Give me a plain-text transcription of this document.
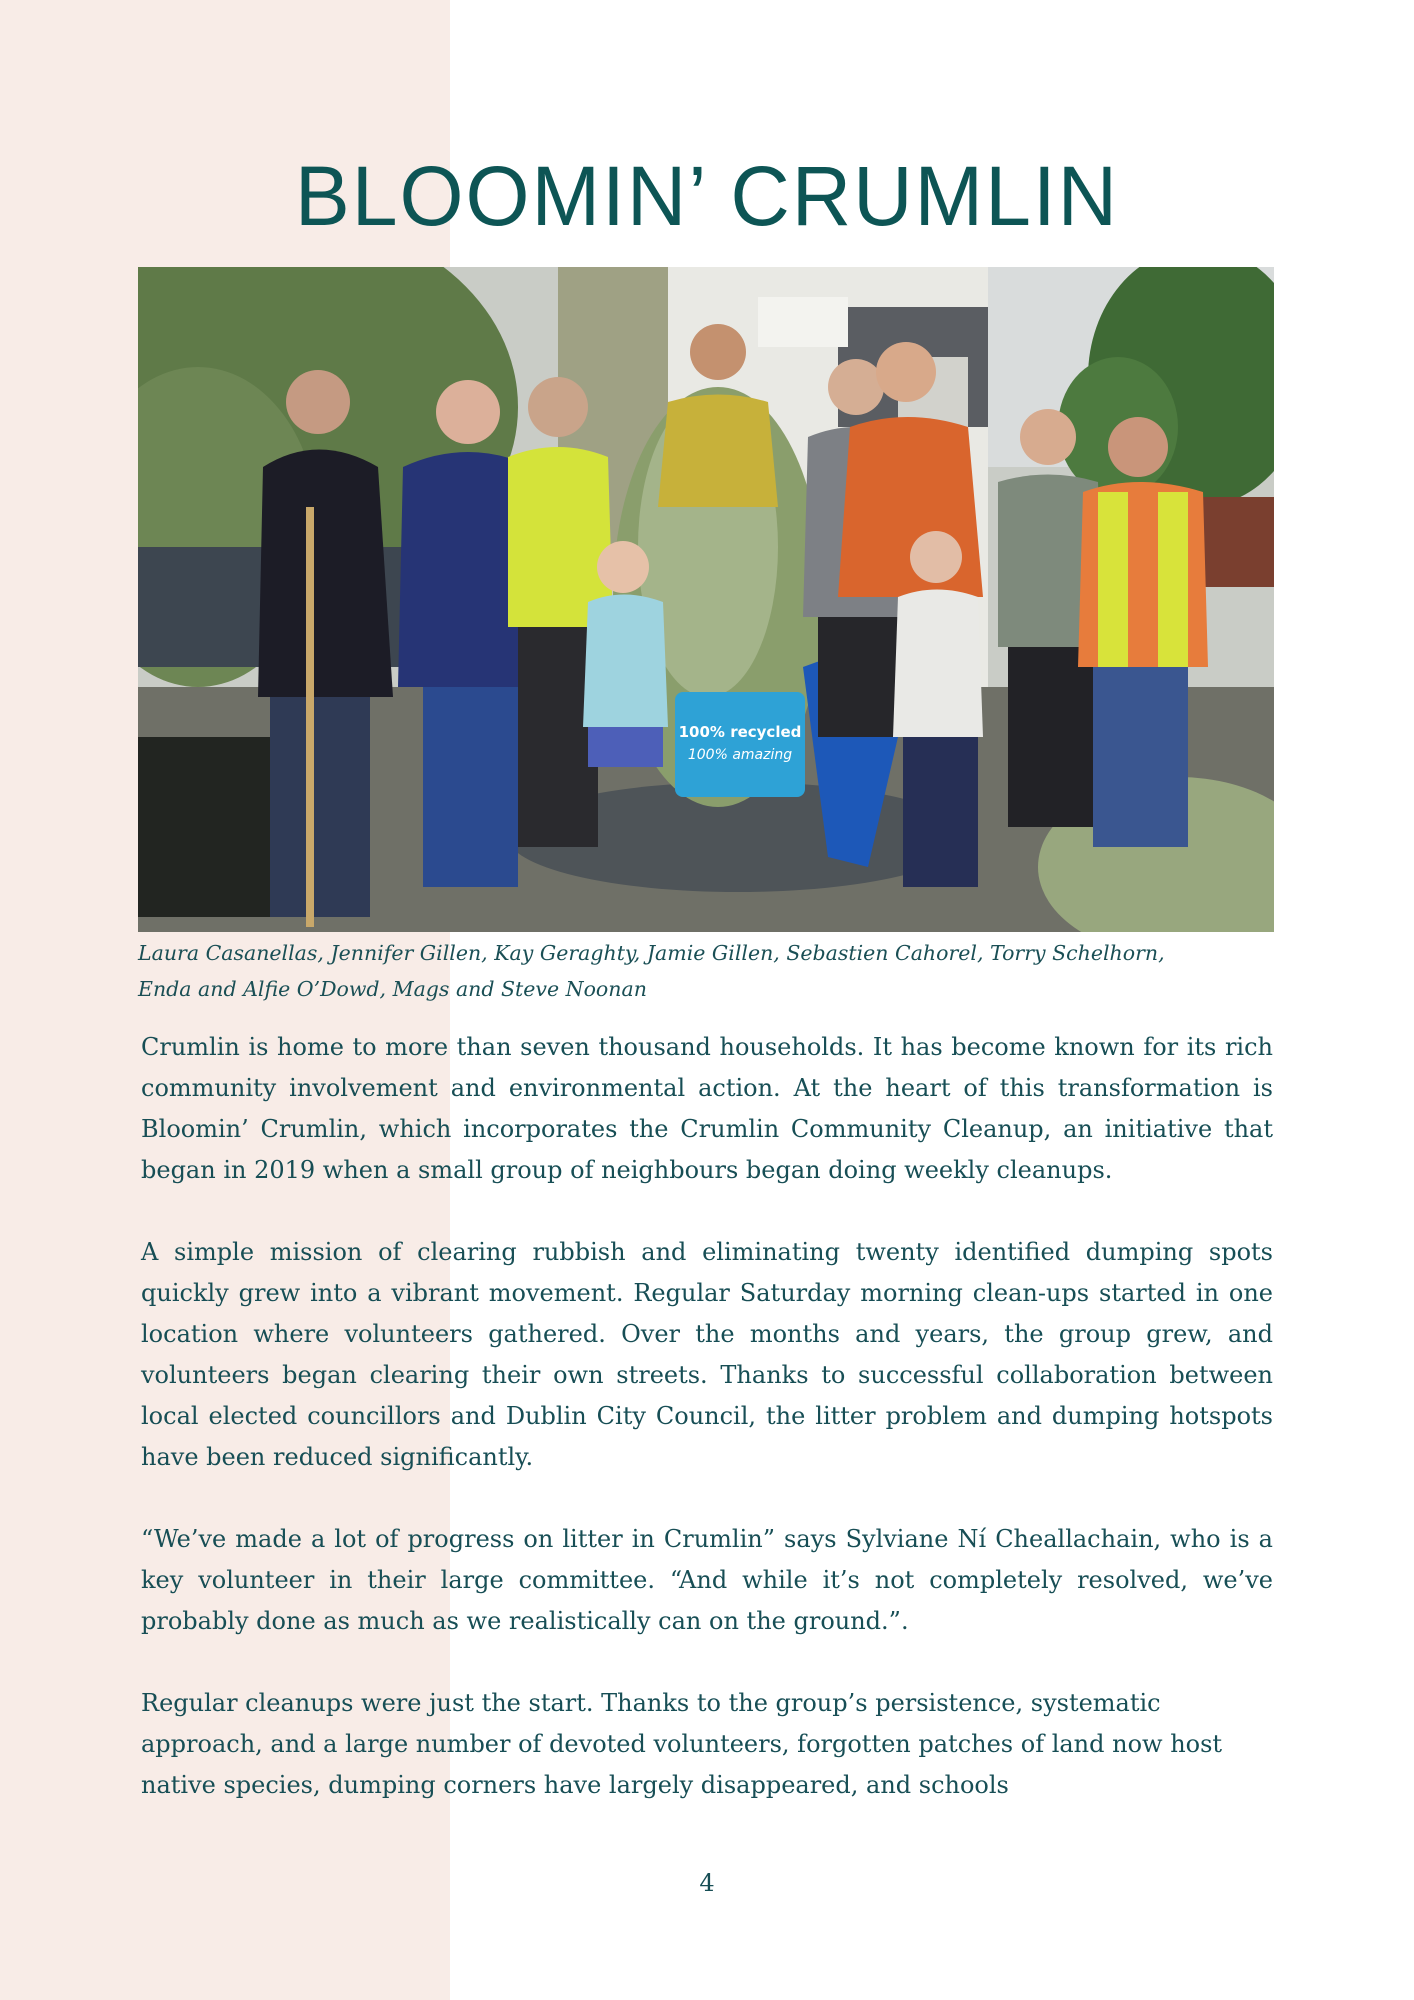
BLOOMIN’ CRUMLIN
100% recycled
100% amazing

Laura Casanellas, Jennifer Gillen, Kay Geraghty, Jamie Gillen, Sebastien Cahorel, Torry Schelhorn,
Enda and Alfie O’Dowd, Mags and Steve Noonan

Crumlin is home to more than seven thousand households. It has become known for its rich community involvement and environmental action. At the heart of this transformation is Bloomin’ Crumlin, which incorporates the Crumlin Community Cleanup, an initiative that began in 2019 when a small group of neighbours began doing weekly cleanups.

A simple mission of clearing rubbish and eliminating twenty identified dumping spots quickly grew into a vibrant movement. Regular Saturday morning clean-ups started in one location where volunteers gathered. Over the months and years, the group grew, and volunteers began clearing their own streets. Thanks to successful collaboration between local elected councillors and Dublin City Council, the litter problem and dumping hotspots have been reduced significantly.

“We’ve made a lot of progress on litter in Crumlin” says Sylviane Ní Cheallachain, who is a key volunteer in their large committee. “And while it’s not completely resolved, we’ve probably done as much as we realistically can on the ground.”.

Regular cleanups were just the start. Thanks to the group’s persistence, systematic approach, and a large number of devoted volunteers, forgotten patches of land now host native species, dumping corners have largely disappeared, and schools

4
